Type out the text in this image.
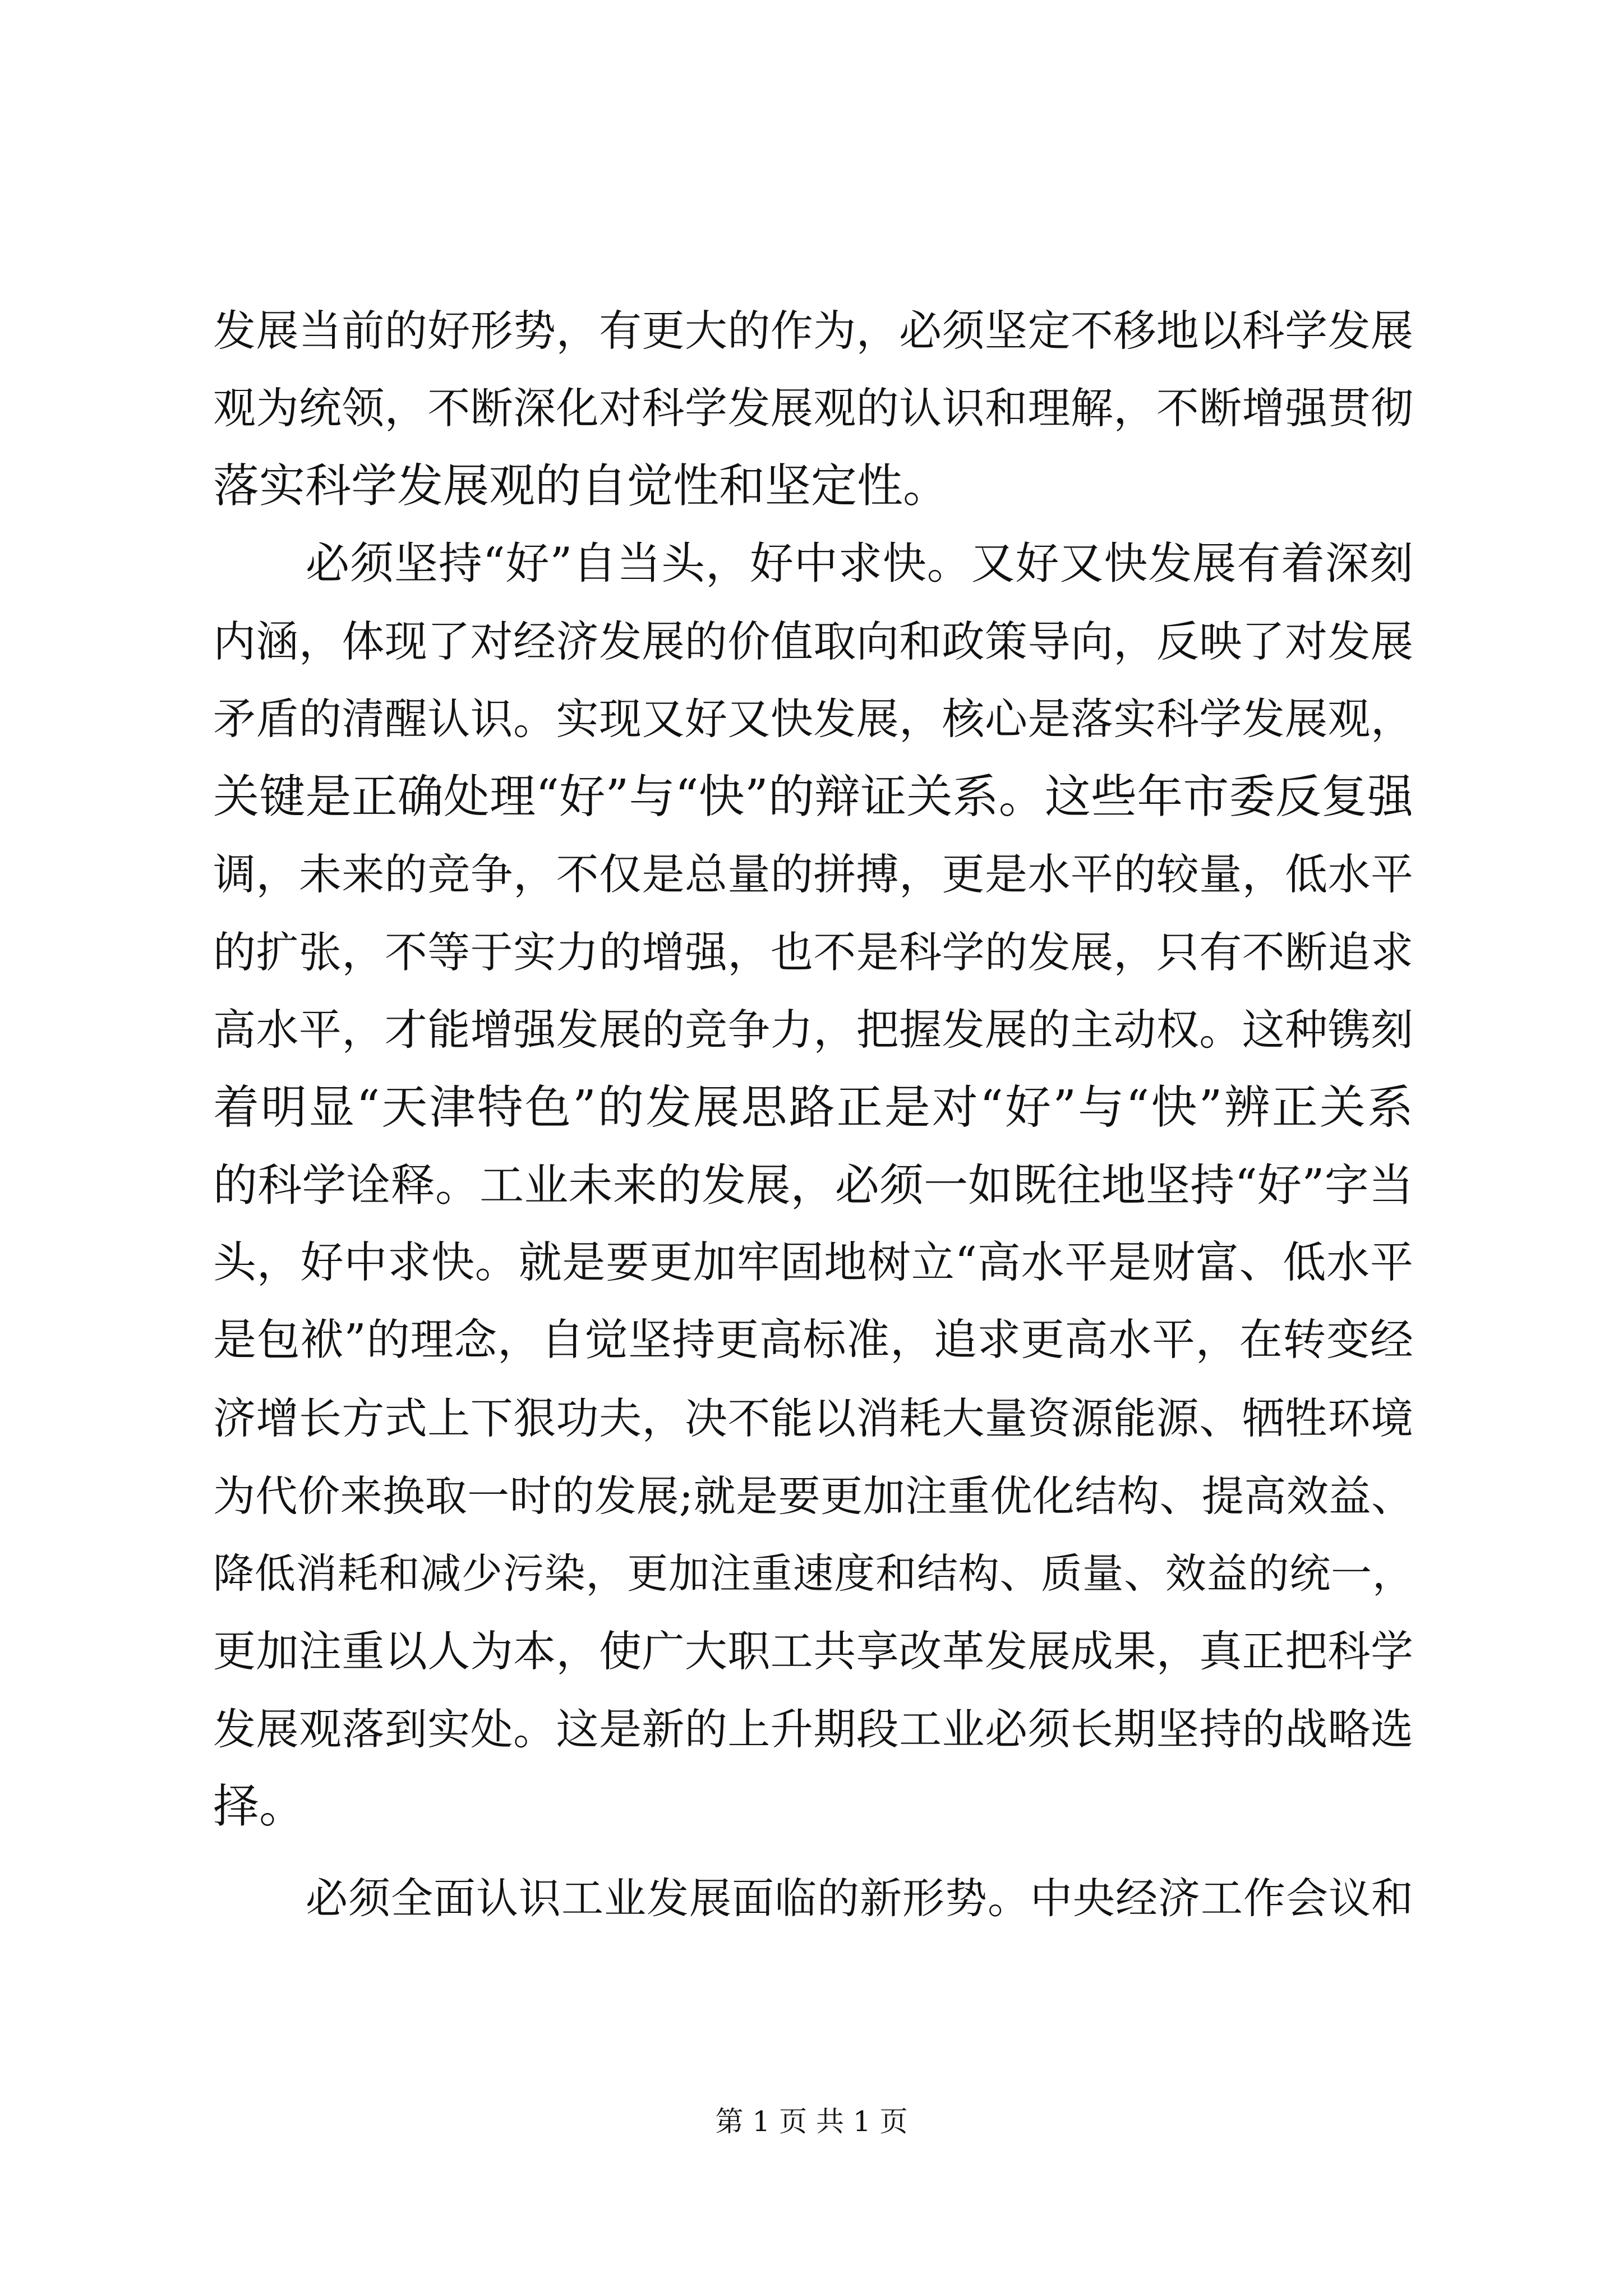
发展当前的好形势，有更大的作为，必须坚定不移地以科学发展
观为统领，不断深化对科学发展观的认识和理解，不断增强贯彻
落实科学发展观的自觉性和坚定性。
必须坚持“好”自当头，好中求快。又好又快发展有着深刻
内涵，体现了对经济发展的价值取向和政策导向，反映了对发展
矛盾的清醒认识。实现又好又快发展，核心是落实科学发展观，
关键是正确处理“好”与“快”的辩证关系。这些年市委反复强
调，未来的竞争，不仅是总量的拼搏，更是水平的较量，低水平
的扩张，不等于实力的增强，也不是科学的发展，只有不断追求
高水平，才能增强发展的竞争力，把握发展的主动权。这种镌刻
着明显“天津特色”的发展思路正是对“好”与“快”辨正关系
的科学诠释。工业未来的发展，必须一如既往地坚持“好”字当
头，好中求快。就是要更加牢固地树立“高水平是财富、低水平
是包袱”的理念，自觉坚持更高标准，追求更高水平，在转变经
济增长方式上下狠功夫，决不能以消耗大量资源能源、牺牲环境
为代价来换取一时的发展;就是要更加注重优化结构、提高效益、
降低消耗和减少污染，更加注重速度和结构、质量、效益的统一，
更加注重以人为本，使广大职工共享改革发展成果，真正把科学
发展观落到实处。这是新的上升期段工业必须长期坚持的战略选
择。
必须全面认识工业发展面临的新形势。中央经济工作会议和
第 1 页 共 1 页
